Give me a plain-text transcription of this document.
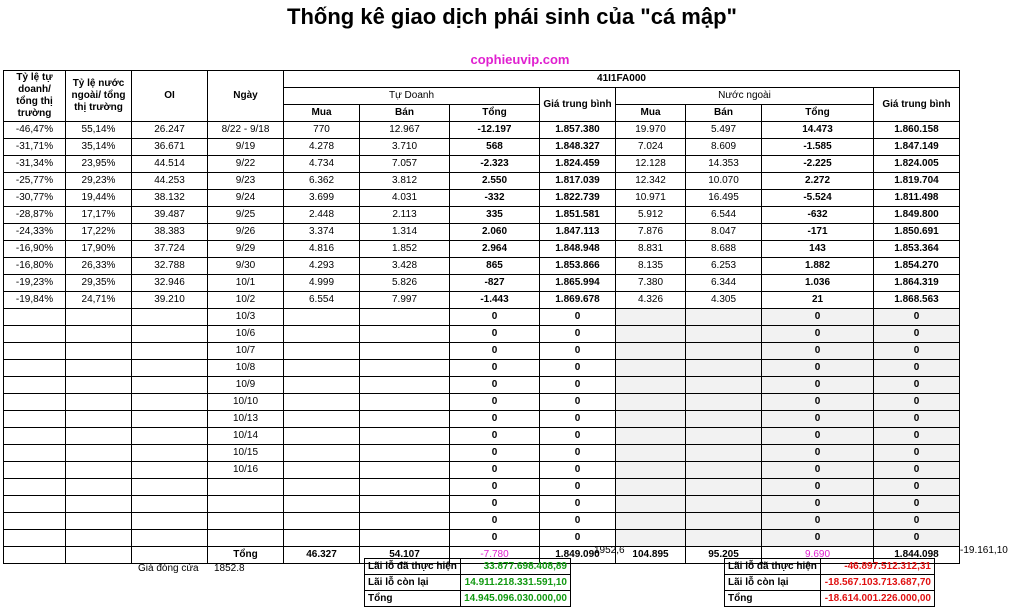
Thống kê giao dịch phái sinh của "cá mập"
cophieuvip.com
Tỷ lệ tự doanh/ tổng thị trường	Tỷ lệ nước ngoài/ tổng thị trường	OI	Ngày	41I1FA000							
				Tự Doanh			Giá trung bình	Nước ngoài			Giá trung bình
				Mua	Bán	Tổng		Mua	Bán	Tổng	
-46,47%	55,14%	26.247	8/22 - 9/18	770	12.967	-12.197	1.857.380	19.970	5.497	14.473	1.860.158
-31,71%	35,14%	36.671	9/19	4.278	3.710	568	1.848.327	7.024	8.609	-1.585	1.847.149
-31,34%	23,95%	44.514	9/22	4.734	7.057	-2.323	1.824.459	12.128	14.353	-2.225	1.824.005
-25,77%	29,23%	44.253	9/23	6.362	3.812	2.550	1.817.039	12.342	10.070	2.272	1.819.704
-30,77%	19,44%	38.132	9/24	3.699	4.031	-332	1.822.739	10.971	16.495	-5.524	1.811.498
-28,87%	17,17%	39.487	9/25	2.448	2.113	335	1.851.581	5.912	6.544	-632	1.849.800
-24,33%	17,22%	38.383	9/26	3.374	1.314	2.060	1.847.113	7.876	8.047	-171	1.850.691
-16,90%	17,90%	37.724	9/29	4.816	1.852	2.964	1.848.948	8.831	8.688	143	1.853.364
-16,80%	26,33%	32.788	9/30	4.293	3.428	865	1.853.866	8.135	6.253	1.882	1.854.270
-19,23%	29,35%	32.946	10/1	4.999	5.826	-827	1.865.994	7.380	6.344	1.036	1.864.319
-19,84%	24,71%	39.210	10/2	6.554	7.997	-1.443	1.869.678	4.326	4.305	21	1.868.563
			10/3			0	0			0	0
			10/6			0	0			0	0
			10/7			0	0			0	0
			10/8			0	0			0	0
			10/9			0	0			0	0
			10/10			0	0			0	0
			10/13			0	0			0	0
			10/14			0	0			0	0
			10/15			0	0			0	0
			10/16			0	0			0	0
						0	0			0	0
						0	0			0	0
						0	0			0	0
						0	0			0	0
			Tổng	46.327	54.107	-7.780	1.849.090	104.895	95.205	9.690	1.844.098
1952,6	-19.161,10
Giá đóng cửa 1852.8	Lãi lỗ đã thực hiện	33.877.698.408,89
Lãi lỗ còn lại	14.911.218.331.591,10
Tổng	14.945.096.030.000,00
Lãi lỗ đã thực hiện	-46.897.512.312,31
Lãi lỗ còn lại	-18.567.103.713.687,70
Tổng	-18.614.001.226.000,00
